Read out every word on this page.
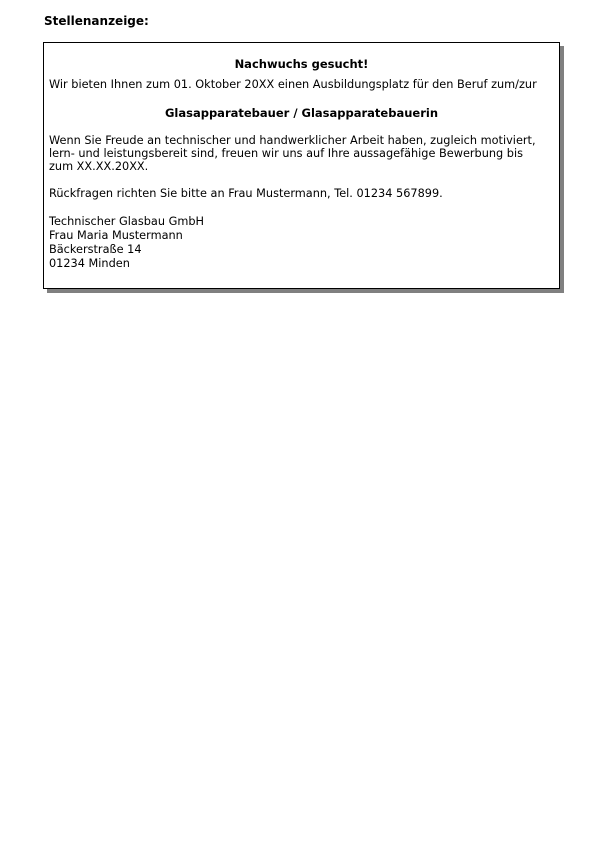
Stellenanzeige:

Nachwuchs gesucht!

Wir bieten Ihnen zum 01. Oktober 20XX einen Ausbildungsplatz für den Beruf zum/zur

Glasapparatebauer / Glasapparatebauerin

Wenn Sie Freude an technischer und handwerklicher Arbeit haben, zugleich motiviert,

lern- und leistungsbereit sind, freuen wir uns auf Ihre aussagefähige Bewerbung bis

zum XX.XX.20XX.

Rückfragen richten Sie bitte an Frau Mustermann, Tel. 01234 567899.

Technischer Glasbau GmbH

Frau Maria Mustermann

Bäckerstraße 14

01234 Minden
